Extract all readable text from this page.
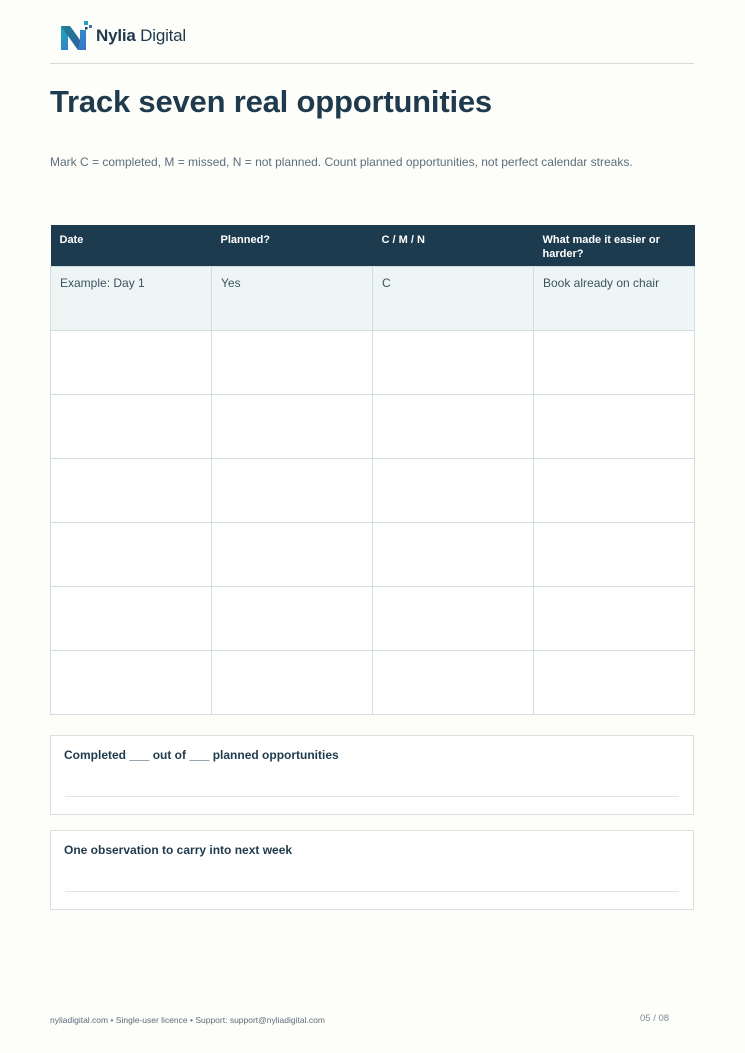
Nylia Digital
Track seven real opportunities

Mark C = completed, M = missed, N = not planned. Count planned opportunities, not perfect calendar streaks.

Date	Planned?	C / M / N	What made it easier or harder?
Example: Day 1	Yes	C	Book already on chair

Completed ___ out of ___ planned opportunities
One observation to carry into next week
nyliadigital.com • Single-user licence • Support: support@nyliadigital.com	05 / 08
